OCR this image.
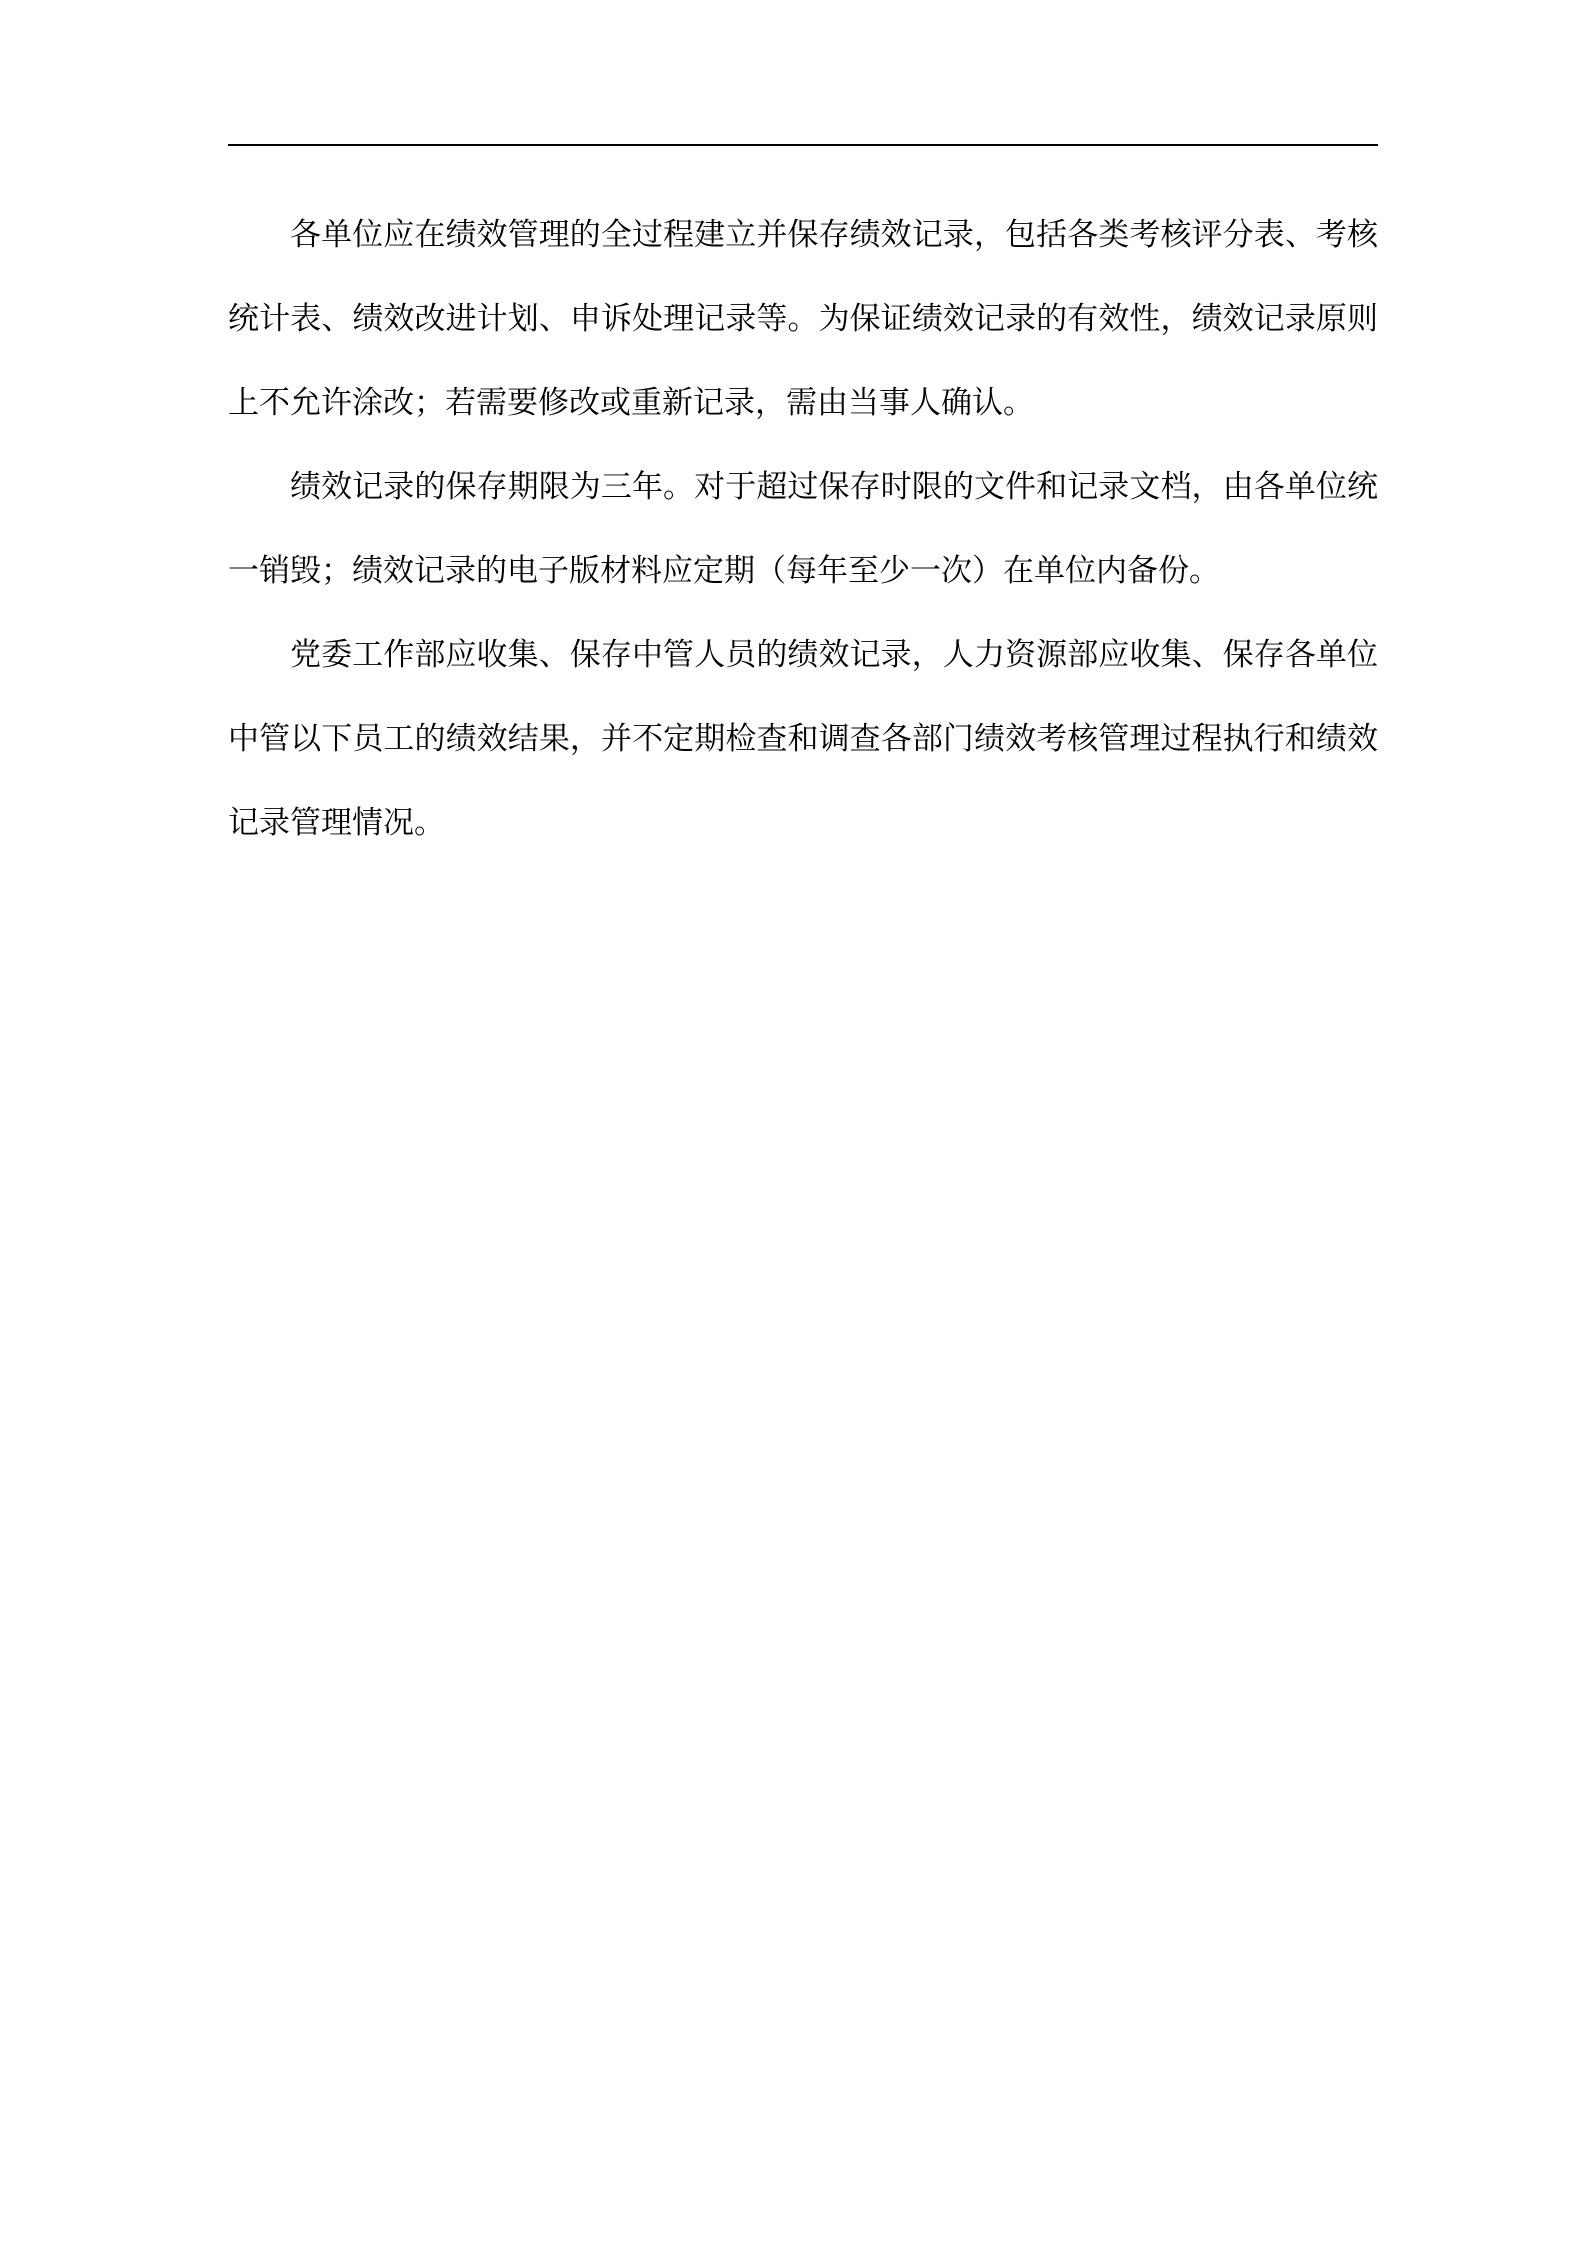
各单位应在绩效管理的全过程建立并保存绩效记录，包括各类考核评分表、考核统计表、绩效改进计划、申诉处理记录等。为保证绩效记录的有效性，绩效记录原则上不允许涂改；若需要修改或重新记录，需由当事人确认。

绩效记录的保存期限为三年。对于超过保存时限的文件和记录文档，由各单位统一销毁；绩效记录的电子版材料应定期（每年至少一次）在单位内备份。

党委工作部应收集、保存中管人员的绩效记录，人力资源部应收集、保存各单位中管以下员工的绩效结果，并不定期检查和调查各部门绩效考核管理过程执行和绩效记录管理情况。
